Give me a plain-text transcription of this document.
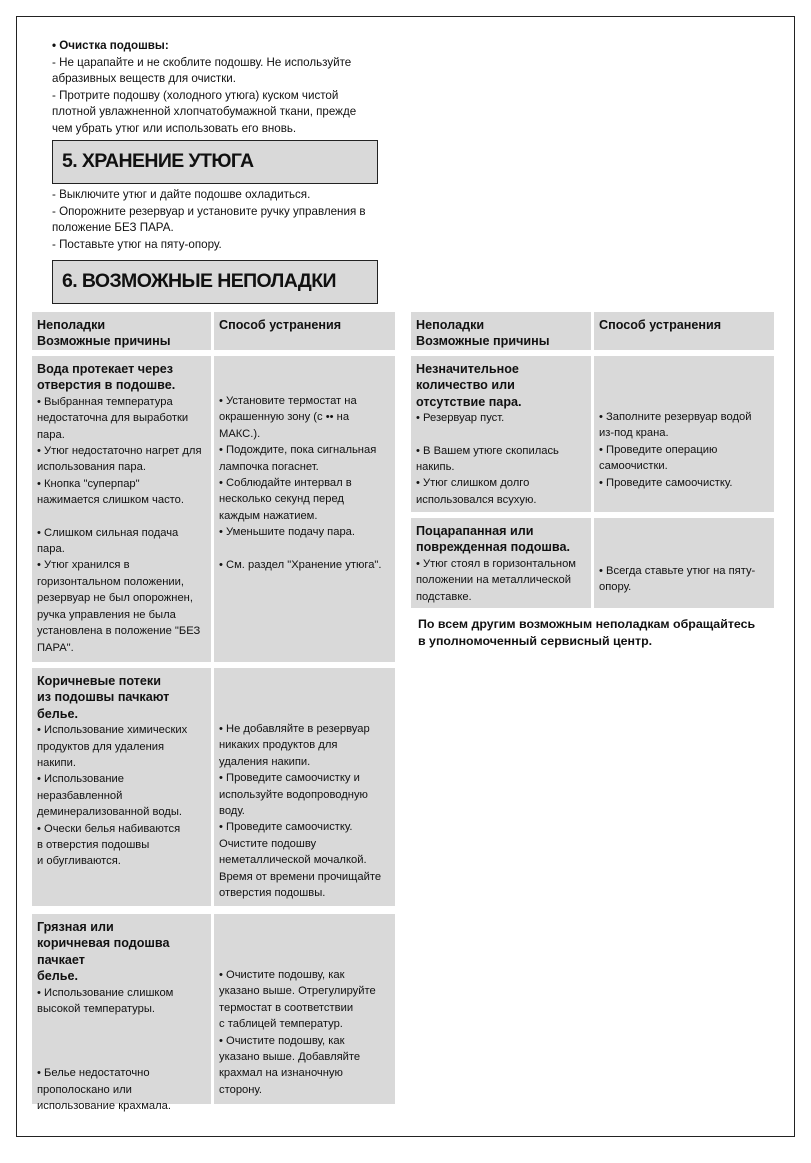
• Очистка подошвы:

- Не царапайте и не скоблите подошву. Не используйте

абразивных веществ для очистки.

- Протрите подошву (холодного утюга) куском чистой

плотной увлажненной хлопчатобумажной ткани, прежде

чем убрать утюг или использовать его вновь.

5. ХРАНЕНИЕ УТЮГА

- Выключите утюг и дайте подошве охладиться.

- Опорожните резервуар и установите ручку управления в

положение БЕЗ ПАРА.

- Поставьте утюг на пяту-опору.

6. ВОЗМОЖНЫЕ НЕПОЛАДКИ

Неполадки

Возможные причины

Способ устранения

Вода протекает через

отверстия в подошве.

• Выбранная температура

недостаточна для выработки

пара.

• Утюг недостаточно нагрет для

использования пара.

• Кнопка "суперпар"

нажимается слишком часто.

• Слишком сильная подача

пара.

• Утюг хранился в

горизонтальном положении,

резервуар не был опорожнен,

ручка управления не была

установлена в положение "БЕЗ

ПАРА".

• Установите термостат на

окрашенную зону (с •• на

МАКС.).

• Подождите, пока сигнальная

лампочка погаснет.

• Соблюдайте интервал в

несколько секунд перед

каждым нажатием.

• Уменьшите подачу пара.

• См. раздел "Хранение утюга".

Коричневые потеки

из подошвы пачкают

белье.

• Использование химических

продуктов для удаления

накипи.

• Использование

неразбавленной

деминерализованной воды.

• Очески белья набиваются

в отверстия подошвы

и обугливаются.

• Не добавляйте в резервуар

никаких продуктов для

удаления накипи.

• Проведите самоочистку и

используйте водопроводную

воду.

• Проведите самоочистку.

Очистите подошву

неметаллической мочалкой.

Время от времени прочищайте

отверстия подошвы.

Грязная или

коричневая подошва

пачкает

белье.

• Использование слишком

высокой температуры.

• Белье недостаточно

прополоскано или

использование крахмала.

• Очистите подошву, как

указано выше. Отрегулируйте

термостат в соответствии

с таблицей температур.

• Очистите подошву, как

указано выше. Добавляйте

крахмал на изнаночную

сторону.

Неполадки

Возможные причины

Способ устранения

Незначительное

количество или

отсутствие пара.

• Резервуар пуст.

• В Вашем утюге скопилась

накипь.

• Утюг слишком долго

использовался всухую.

• Заполните резервуар водой

из-под крана.

• Проведите операцию

самоочистки.

• Проведите самоочистку.

Поцарапанная или

поврежденная подошва.

• Утюг стоял в горизонтальном

положении на металлической

подставке.

• Всегда ставьте утюг на пяту-

опору.

По всем другим возможным неполадкам обращайтесь
в уполномоченный сервисный центр.
